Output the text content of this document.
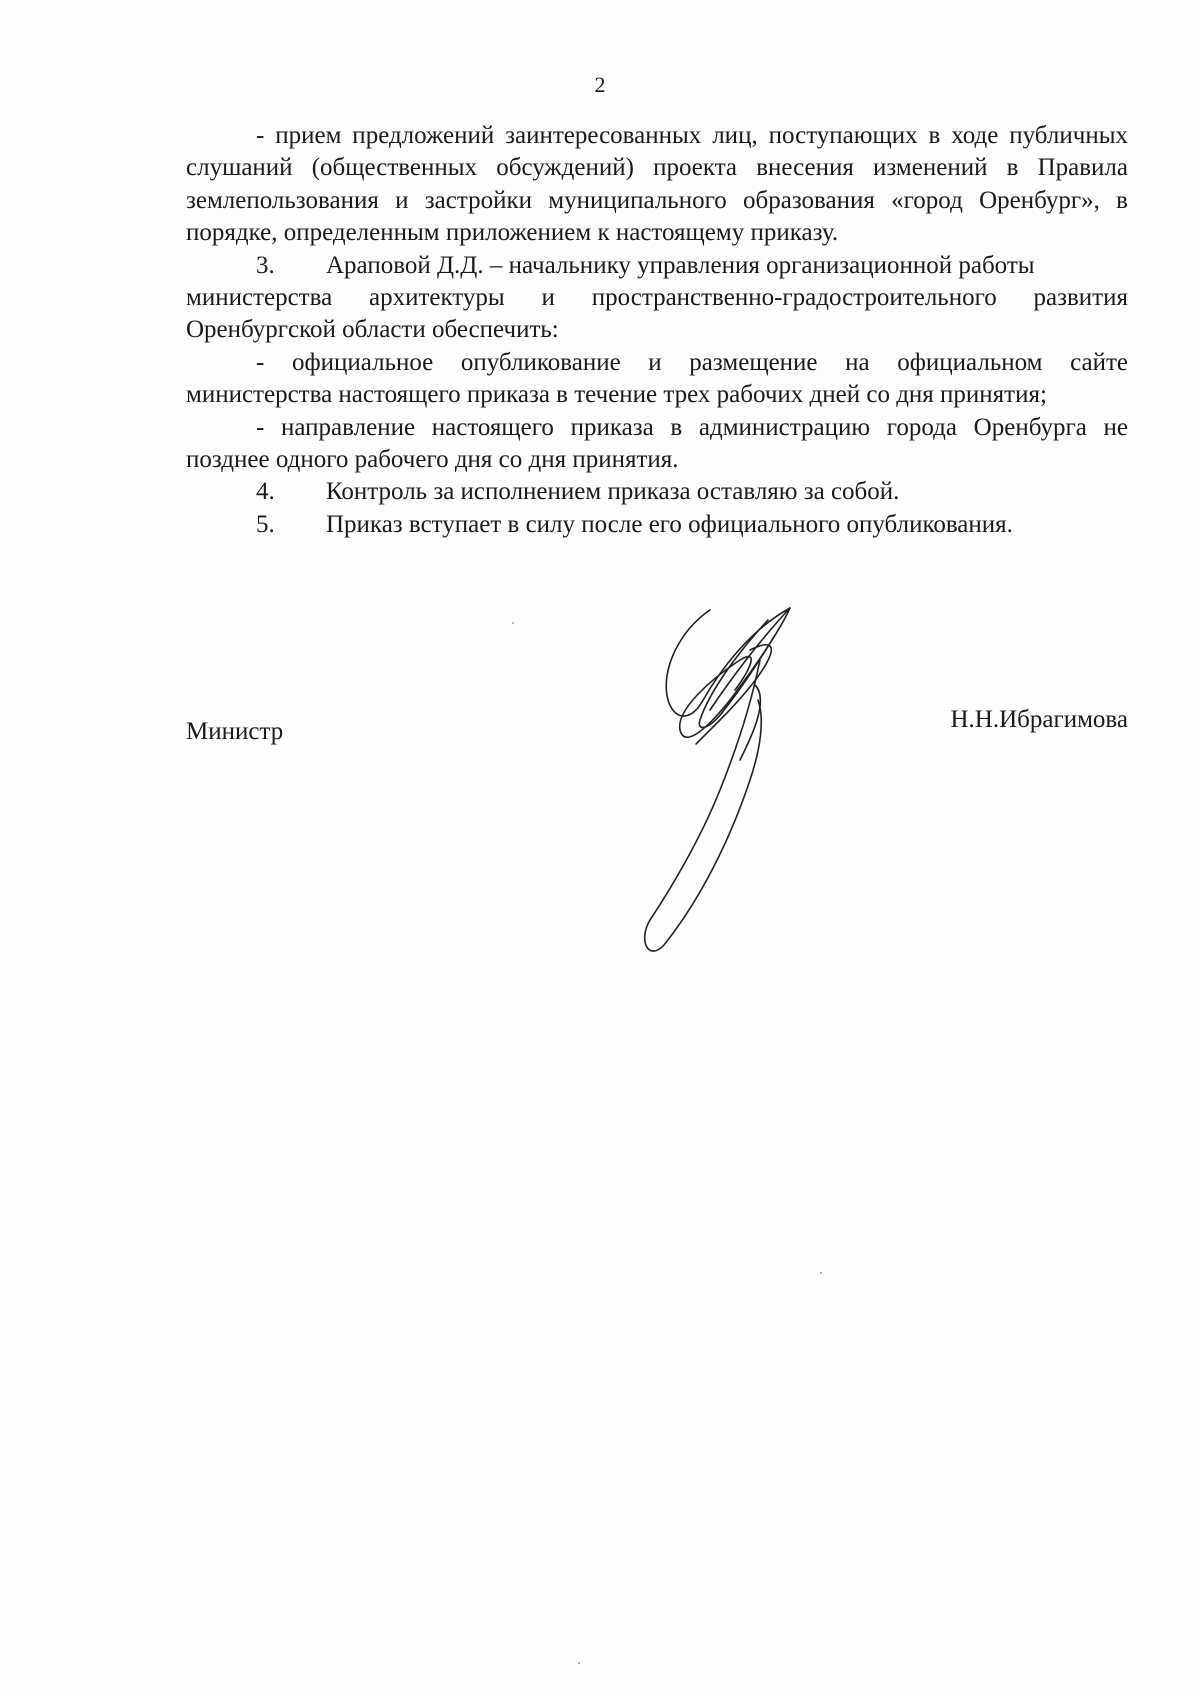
2

- прием предложений заинтересованных лиц, поступающих в ходе публичных слушаний (общественных обсуждений) проекта внесения изменений в Правила землепользования и застройки муниципального образования «город Оренбург», в порядке, определенным приложением к настоящему приказу.

3.	Араповой Д.Д. – начальнику управления организационной работы

министерства архитектуры и пространственно-градостроительного развития Оренбургской области обеспечить:

- официальное опубликование и размещение на официальном сайте министерства настоящего приказа в течение трех рабочих дней со дня принятия;

- направление настоящего приказа в администрацию города Оренбурга не позднее одного рабочего дня со дня принятия.

4.	Контроль за исполнением приказа оставляю за собой.
5.	Приказ вступает в силу после его официального опубликования.
Министр	Н.Н.Ибрагимова
